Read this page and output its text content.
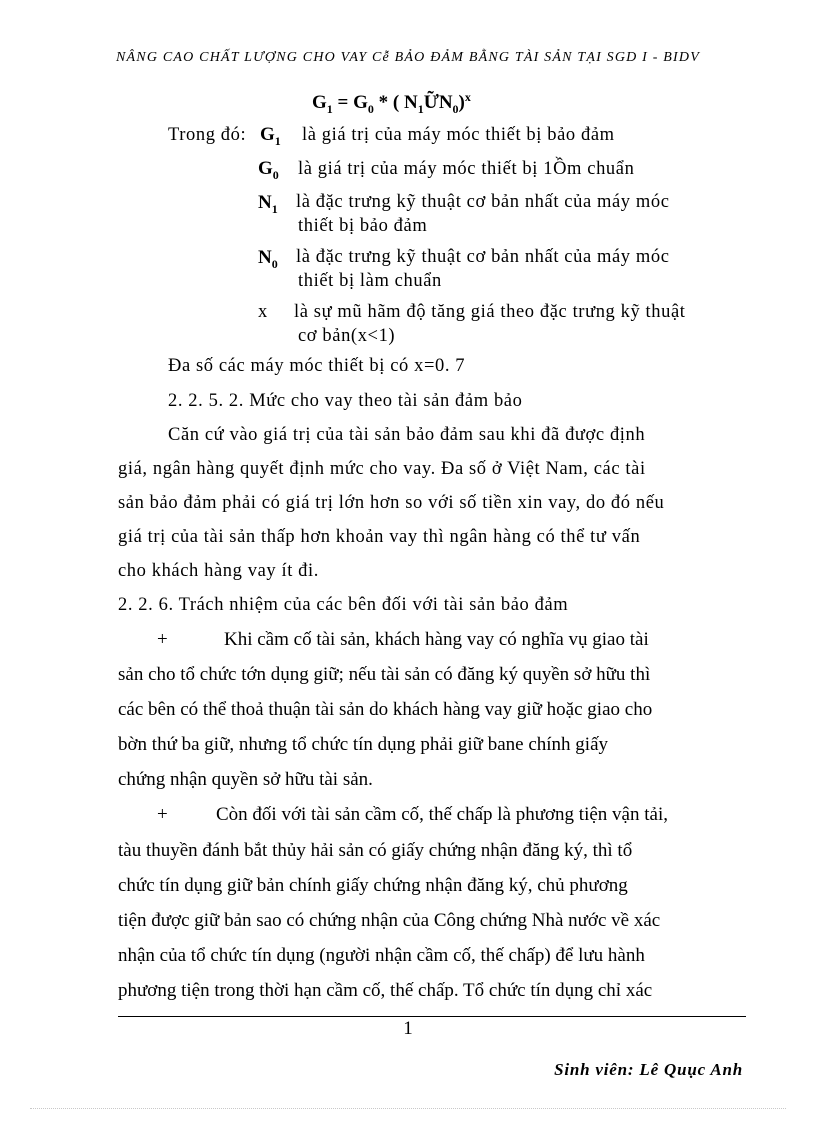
NÂNG CAO CHẤT LƯỢNG CHO VAY Cễ BẢO ĐẢM BẰNG TÀI SẢN TẠI SGD I - BIDV
$G_1 = G_0$ * ( $N_1ỮN_0)^x$
Trong đó: $G_1$ là giá trị của máy móc thiết bị bảo đảm
$G_0$ là giá trị của máy móc thiết bị 1Ồm chuẩn
$N_1$ là đặc trưng kỹ thuật cơ bản nhất của máy móc
thiết bị bảo đảm
$N_0$ là đặc trưng kỹ thuật cơ bản nhất của máy móc
thiết bị làm chuẩn
x là sự mũ hãm độ tăng giá theo đặc trưng kỹ thuật
cơ bản(x<1)
Đa số các máy móc thiết bị có x=0. 7
2. 2. 5. 2. Mức cho vay theo tài sản đảm bảo
Căn cứ vào giá trị của tài sản bảo đảm sau khi đã được định
giá, ngân hàng quyết định mức cho vay. Đa số ở Việt Nam, các tài
sản bảo đảm phải có giá trị lớn hơn so với số tiền xin vay, do đó nếu
giá trị của tài sản thấp hơn khoản vay thì ngân hàng có thể tư vấn
cho khách hàng vay ít đi.
2. 2. 6. Trách nhiệm của các bên đối với tài sản bảo đảm
+	Khi cầm cố tài sản, khách hàng vay có nghĩa vụ giao tài
sản cho tổ chức tớn dụng giữ; nếu tài sản có đăng ký quyền sở hữu thì
các bên có thể thoả thuận tài sản do khách hàng vay giữ hoặc giao cho
bờn thứ ba giữ, nhưng tổ chức tín dụng phải giữ bane chính giấy
chứng nhận quyền sở hữu tài sản.
+	Còn đối với tài sản cầm cố, thế chấp là phương tiện vận tải,
tàu thuyền đánh bắt thủy hải sản có giấy chứng nhận đăng ký, thì tổ
chức tín dụng giữ bản chính giấy chứng nhận đăng ký, chủ phương
tiện được giữ bản sao có chứng nhận của Công chứng Nhà nước về xác
nhận của tổ chức tín dụng (người nhận cầm cố, thế chấp) để lưu hành
phương tiện trong thời hạn cầm cố, thế chấp. Tổ chức tín dụng chỉ xác
1
Sinh viên: Lê Quục Anh
